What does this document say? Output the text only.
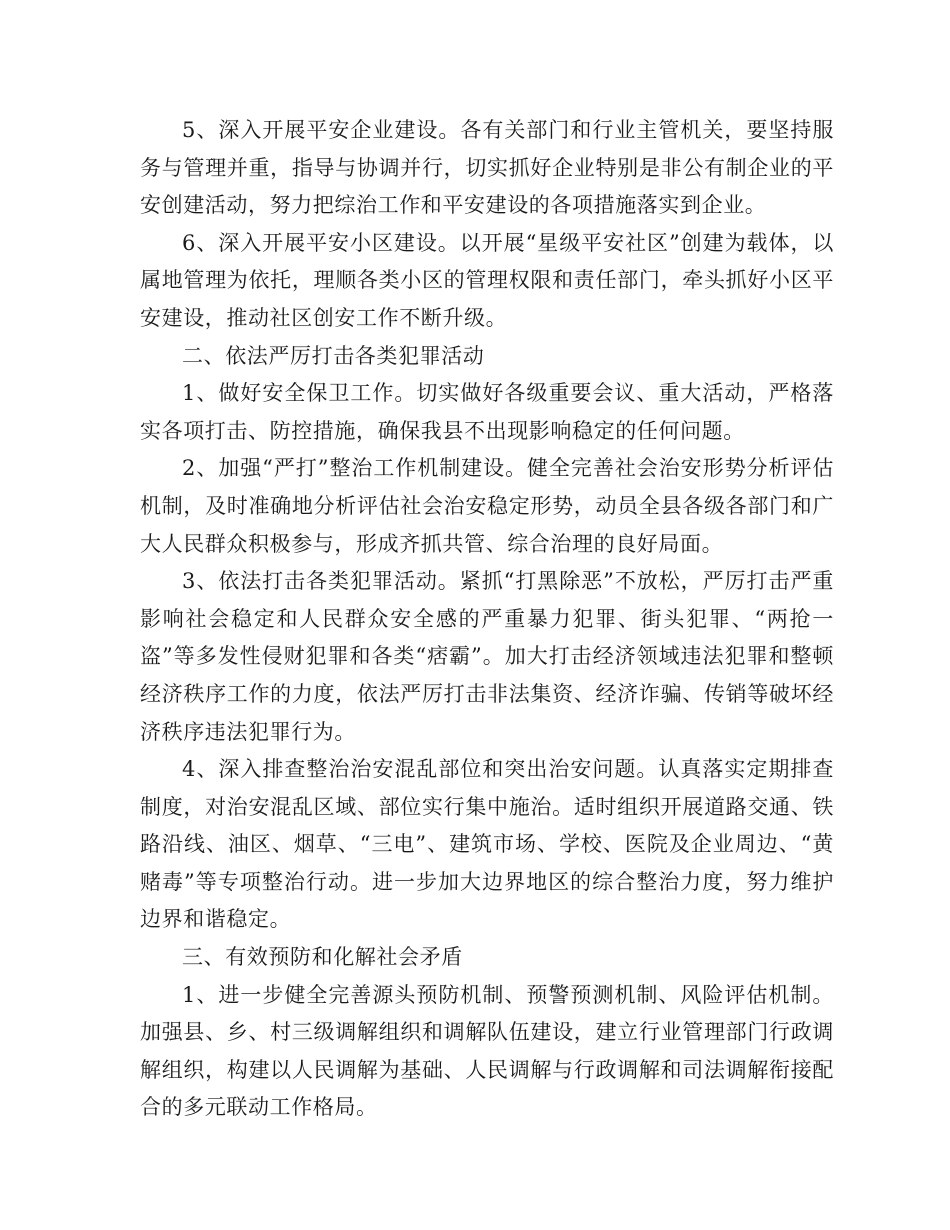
5、深入开展平安企业建设。各有关部门和行业主管机关，要坚持服务与管理并重，指导与协调并行，切实抓好企业特别是非公有制企业的平安创建活动，努力把综治工作和平安建设的各项措施落实到企业。

6、深入开展平安小区建设。以开展“星级平安社区”创建为载体，以属地管理为依托，理顺各类小区的管理权限和责任部门，牵头抓好小区平安建设，推动社区创安工作不断升级。

二、依法严厉打击各类犯罪活动

1、做好安全保卫工作。切实做好各级重要会议、重大活动，严格落实各项打击、防控措施，确保我县不出现影响稳定的任何问题。

2、加强“严打”整治工作机制建设。健全完善社会治安形势分析评估机制，及时准确地分析评估社会治安稳定形势，动员全县各级各部门和广大人民群众积极参与，形成齐抓共管、综合治理的良好局面。

3、依法打击各类犯罪活动。紧抓“打黑除恶”不放松，严厉打击严重影响社会稳定和人民群众安全感的严重暴力犯罪、街头犯罪、“两抢一盗”等多发性侵财犯罪和各类“痞霸”。加大打击经济领域违法犯罪和整顿经济秩序工作的力度，依法严厉打击非法集资、经济诈骗、传销等破坏经济秩序违法犯罪行为。

4、深入排查整治治安混乱部位和突出治安问题。认真落实定期排查制度，对治安混乱区域、部位实行集中施治。适时组织开展道路交通、铁路沿线、油区、烟草、“三电”、建筑市场、学校、医院及企业周边、“黄赌毒”等专项整治行动。进一步加大边界地区的综合整治力度，努力维护边界和谐稳定。

三、有效预防和化解社会矛盾

1、进一步健全完善源头预防机制、预警预测机制、风险评估机制。加强县、乡、村三级调解组织和调解队伍建设，建立行业管理部门行政调解组织，构建以人民调解为基础、人民调解与行政调解和司法调解衔接配合的多元联动工作格局。
